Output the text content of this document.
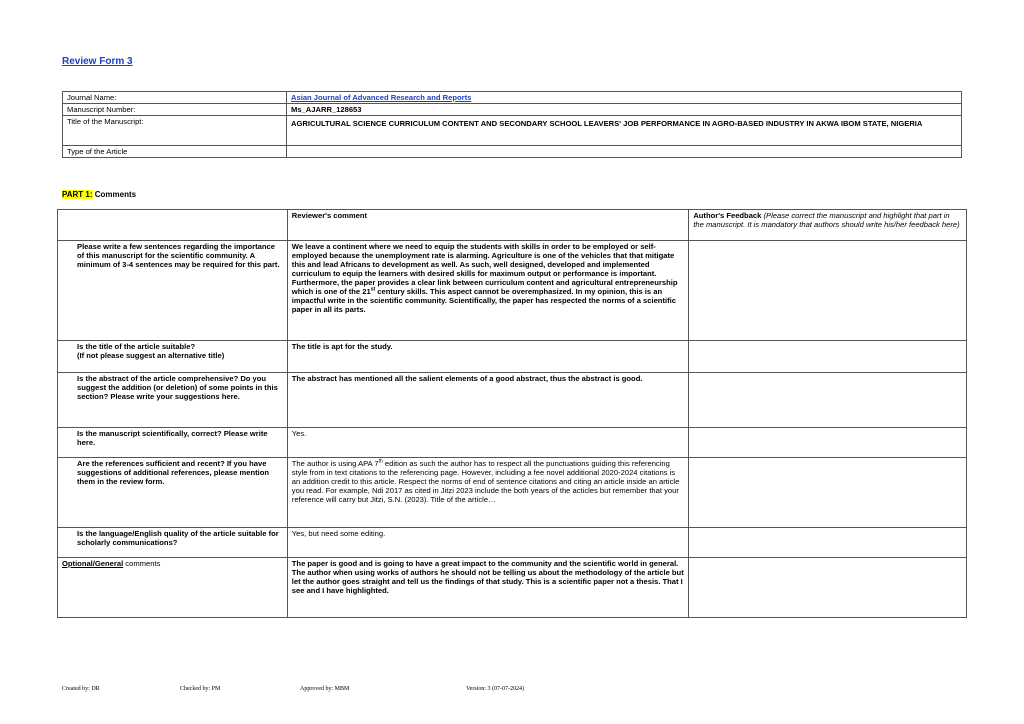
Review Form 3
Journal Name:	Asian Journal of Advanced Research and Reports
Manuscript Number:	Ms_AJARR_128653
Title of the Manuscript:	AGRICULTURAL SCIENCE CURRICULUM CONTENT AND SECONDARY SCHOOL LEAVERS' JOB PERFORMANCE IN AGRO-BASED INDUSTRY IN AKWA IBOM STATE, NIGERIA
Type of the Article	
PART 1: Comments
	Reviewer's comment	Author's Feedback (Please correct the manuscript and highlight that part in the manuscript. It is mandatory that authors should write his/her feedback here)
Please write a few sentences regarding the importance of this manuscript for the scientific community. A minimum of 3-4 sentences may be required for this part.	We leave a continent where we need to equip the students with skills in order to be employed or self-employed because the unemployment rate is alarming. Agriculture is one of the vehicles that that mitigate this and lead Africans to development as well. As such, well designed, developed and implemented curriculum to equip the learners with desired skills for maximum output or performance is important. Furthermore, the paper provides a clear link between curriculum content and agricultural entrepreneurship which is one of the 21st century skills. This aspect cannot be overemphasized. In my opinion, this is an impactful write in the scientific community. Scientifically, the paper has respected the norms of a scientific paper in all its parts.	

Is the title of the article suitable?
(If not please suggest an alternative title)	The title is apt for the study.	
Is the abstract of the article comprehensive? Do you suggest the addition (or deletion) of some points in this section? Please write your suggestions here.	The abstract has mentioned all the salient elements of a good abstract, thus the abstract is good.	
Is the manuscript scientifically, correct? Please write here.	Yes.	
Are the references sufficient and recent? If you have suggestions of additional references, please mention them in the review form.	The author is using APA 7th edition as such the author has to respect all the punctuations guiding this referencing style from in text citations to the referencing page. However, including a fee novel additional 2020-2024 citations is an addition credit to this article. Respect the norms of end of sentence citations and citing an article inside an article you read. For example, Ndi 2017 as cited in Jitzi 2023 include the both years of the acticles but remember that your reference will carry but Jitzi, S.N. (2023). Title of the article…	
Is the language/English quality of the article suitable for scholarly communications?	Yes, but need some editing.	
Optional/General comments	The paper is good and is going to have a great impact to the community and the scientific world in general.
The author when using works of authors he should not be telling us about the methodology of the article but let the author goes straight and tell us the findings of that study. This is a scientific paper not a thesis. That I see and I have highlighted.	

Created by: DR	Checked by: PM	Approved by: MBM	Version: 3 (07-07-2024)
